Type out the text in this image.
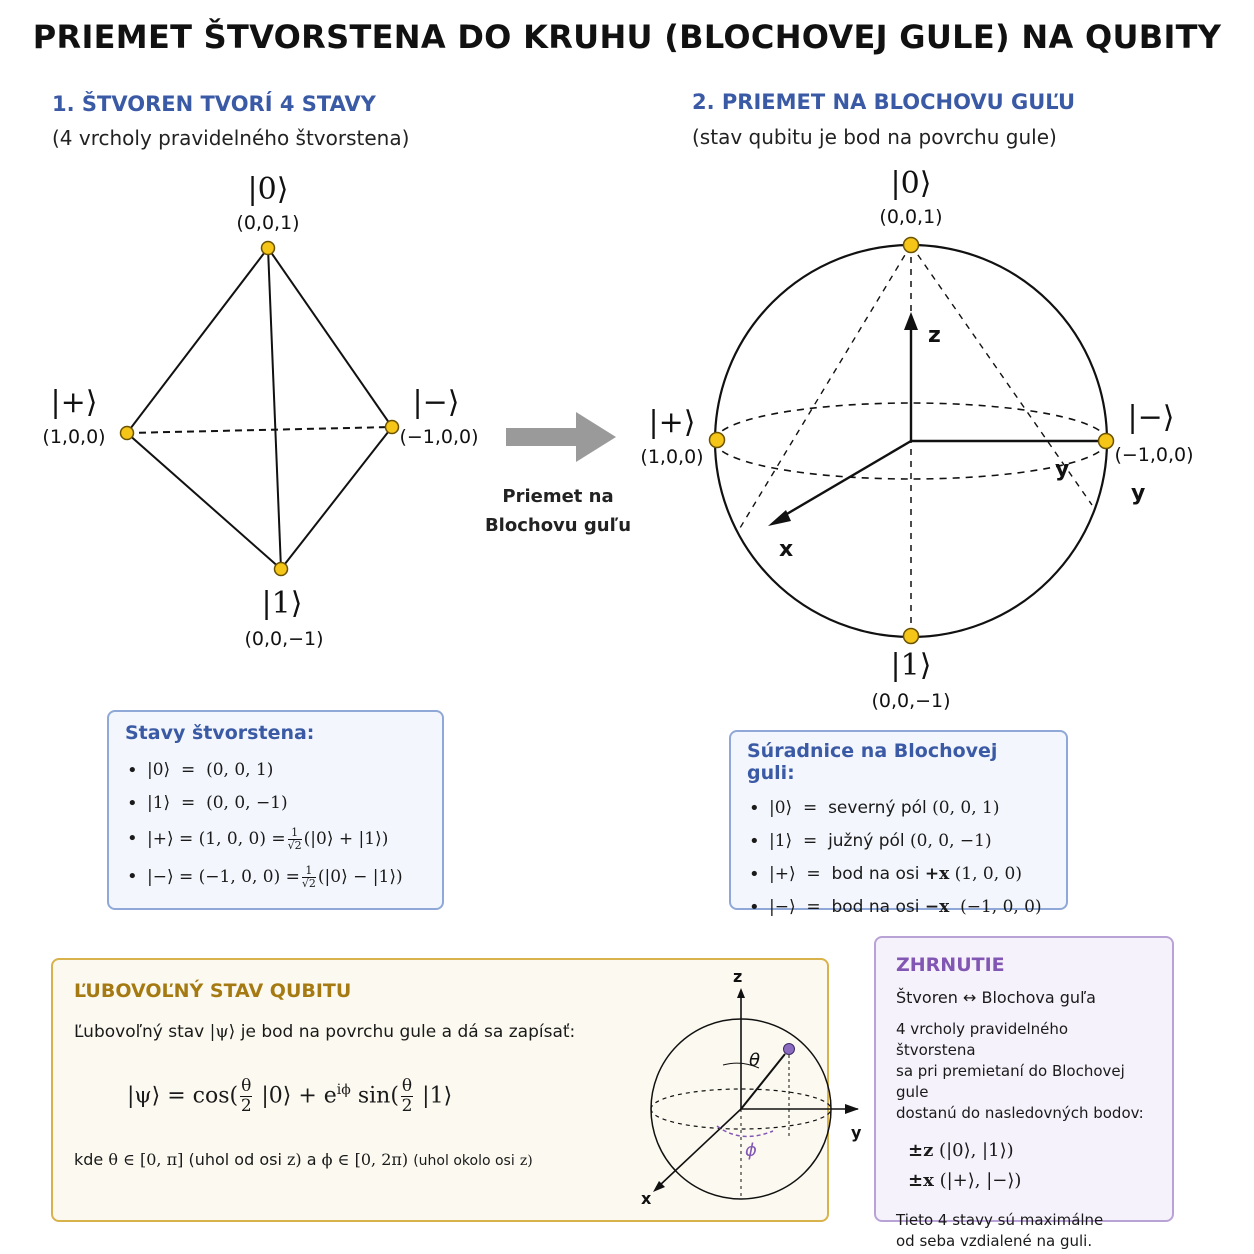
PRIEMET ŠTVORSTENA DO KRUHU (BLOCHOVEJ GULE) NA QUBITY
1. ŠTVOREN TVORÍ 4 STAVY
(4 vrcholy pravidelného štvorstena)
2. PRIEMET NA BLOCHOVU GUĽU
(stav qubitu je bod na povrchu gule)
z
y
y
x
|0⟩
(0,0,1)
|+⟩
(1,0,0)
|−⟩
(−1,0,0)
|1⟩
(0,0,−1)
Priemet na
Blochovu guľu
|0⟩
(0,0,1)
|+⟩
(1,0,0)
|−⟩
(−1,0,0)
|1⟩
(0,0,−1)
Stavy štvorstena:
• |0⟩ = (0, 0, 1)
• |1⟩ = (0, 0, −1)
• |+⟩ = (1, 0, $0) = \frac{1}{√2}$ (|0⟩ + |1⟩)
• |−⟩ = (−1, 0, $0) = \frac{1}{√2}$ (|0⟩ − |1⟩)
Súradnice na Blochovej guli:
• |0⟩ = severný pól (0, 0, 1)
• |1⟩ = južný pól (0, 0, −1)
• |+⟩ = bod na osi +x (1, 0, 0)
• |−⟩ = bod na osi −x (−1, 0, 0)
ĽUBOVOĽNÝ STAV QUBITU
Ľubovoľný stav |ψ⟩ je bod na povrchu gule a dá sa zapísať:
|ψ⟩ = $\cos( \frac{\theta}{2}$ |0⟩ + $e^{i\phi}$ $\sin( \frac{\theta}{2}$ |1⟩
kde θ ∈ [0, π] (uhol od osi z) a ϕ ∈ [0, 2π) (uhol okolo osi z)
z
y
x
θ
ϕ
ZHRNUTIE
Štvoren ↔ Blochova guľa
4 vrcholy pravidelného štvorstena
sa pri premietaní do Blochovej gule
dostanú do nasledovných bodov:
±z (|0⟩, |1⟩)
±x (|+⟩, |−⟩)
Tieto 4 stavy sú maximálne
od seba vzdialené na guli.
